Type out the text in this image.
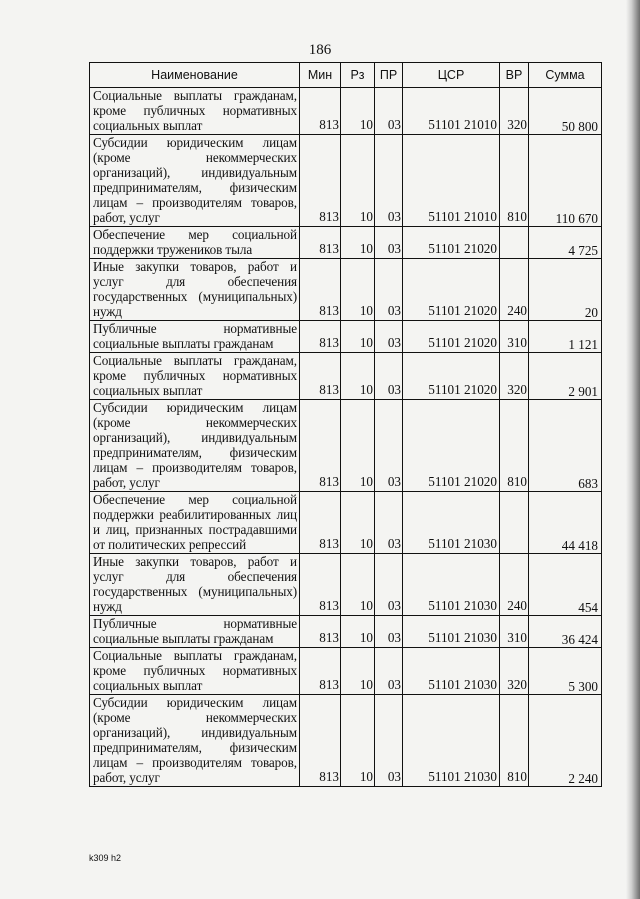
186
Наименование	Мин	Рз	ПР	ЦСР	ВР	Сумма
Социальные выплаты гражданам, кроме публичных нормативных социальных выплат	813	10	03	51101 21010	320	50 800
Субсидии юридическим лицам (кроме некоммерческих организаций), индивидуальным предпринимателям, физическим лицам – производителям товаров, работ, услуг	813	10	03	51101 21010	810	110 670
Обеспечение мер социальной поддержки тружеников тыла	813	10	03	51101 21020		4 725
Иные закупки товаров, работ и услуг для обеспечения государственных (муниципальных) нужд	813	10	03	51101 21020	240	20
Публичные нормативные социальные выплаты гражданам	813	10	03	51101 21020	310	1 121
Социальные выплаты гражданам, кроме публичных нормативных социальных выплат	813	10	03	51101 21020	320	2 901
Субсидии юридическим лицам (кроме некоммерческих организаций), индивидуальным предпринимателям, физическим лицам – производителям товаров, работ, услуг	813	10	03	51101 21020	810	683
Обеспечение мер социальной поддержки реабилитированных лиц и лиц, признанных пострадавшими от политических репрессий	813	10	03	51101 21030		44 418
Иные закупки товаров, работ и услуг для обеспечения государственных (муниципальных) нужд	813	10	03	51101 21030	240	454
Публичные нормативные социальные выплаты гражданам	813	10	03	51101 21030	310	36 424
Социальные выплаты гражданам, кроме публичных нормативных социальных выплат	813	10	03	51101 21030	320	5 300
Субсидии юридическим лицам (кроме некоммерческих организаций), индивидуальным предпринимателям, физическим лицам – производителям товаров, работ, услуг	813	10	03	51101 21030	810	2 240
k309 h2
